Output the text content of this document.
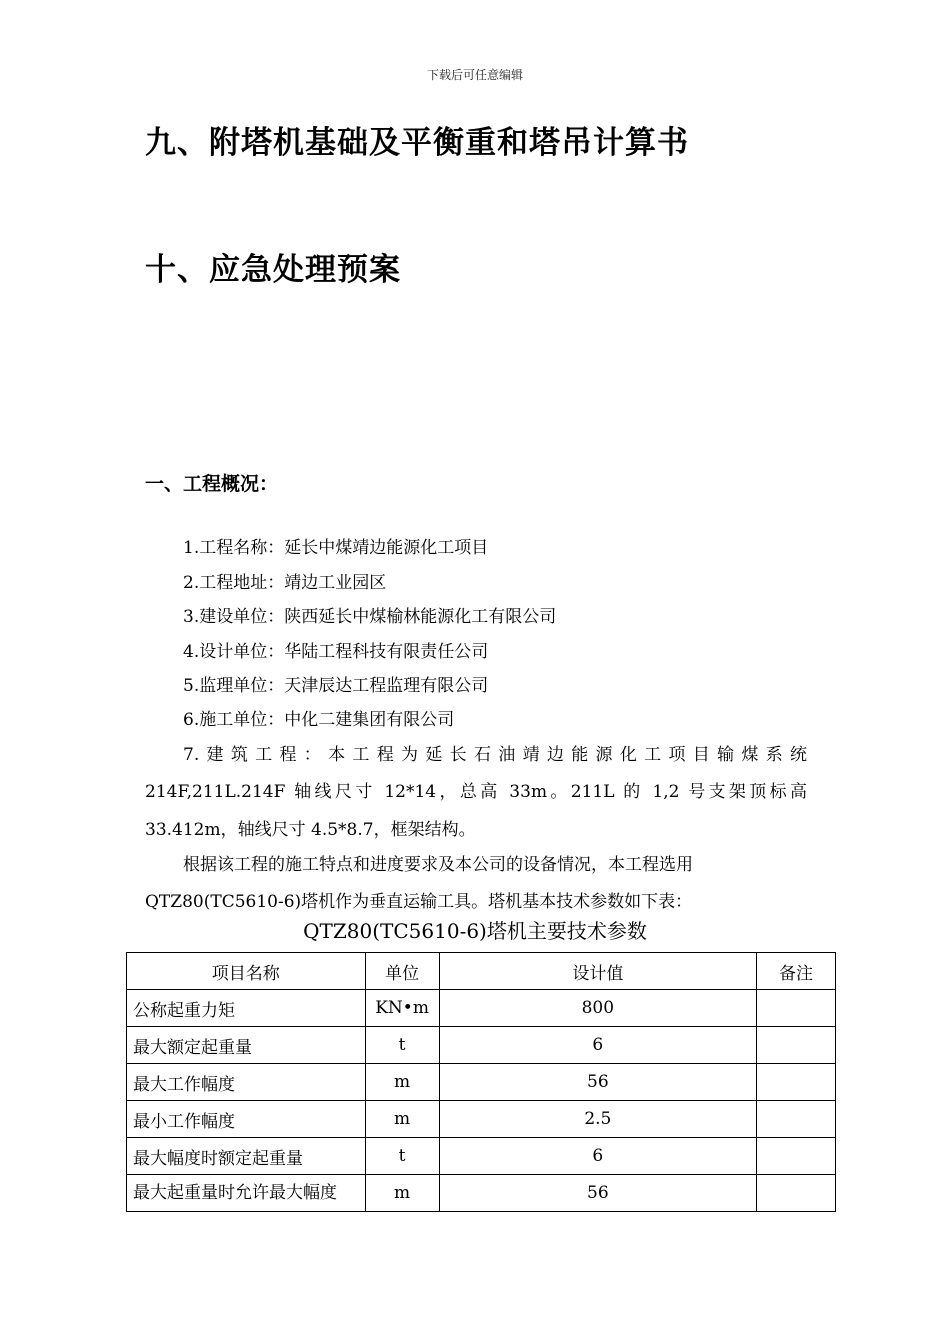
下载后可任意编辑
九、附塔机基础及平衡重和塔吊计算书
十、应急处理预案
一、工程概况：
1.工程名称：延长中煤靖边能源化工项目
2.工程地址：靖边工业园区
3.建设单位：陕西延长中煤榆林能源化工有限公司
4.设计单位：华陆工程科技有限责任公司
5.监理单位：天津辰达工程监理有限公司
6.施工单位：中化二建集团有限公司
7.建筑工程：本工程为延长石油靖边能源化工项目输煤系统
214F,211L.214F 轴线尺寸 12*14，总高 33m。211L 的 1,2 号支架顶标高
33.412m，轴线尺寸 4.5*8.7，框架结构。
根据该工程的施工特点和进度要求及本公司的设备情况，本工程选用
QTZ80(TC5610-6)塔机作为垂直运输工具。塔机基本技术参数如下表：
QTZ80(TC5610-6)塔机主要技术参数
项目名称	单位	设计值	备注
公称起重力矩	KN•m	800	
最大额定起重量	t	6	
最大工作幅度	m	56	
最小工作幅度	m	2.5	
最大幅度时额定起重量	t	6	
最大起重量时允许最大幅度	m	56	
